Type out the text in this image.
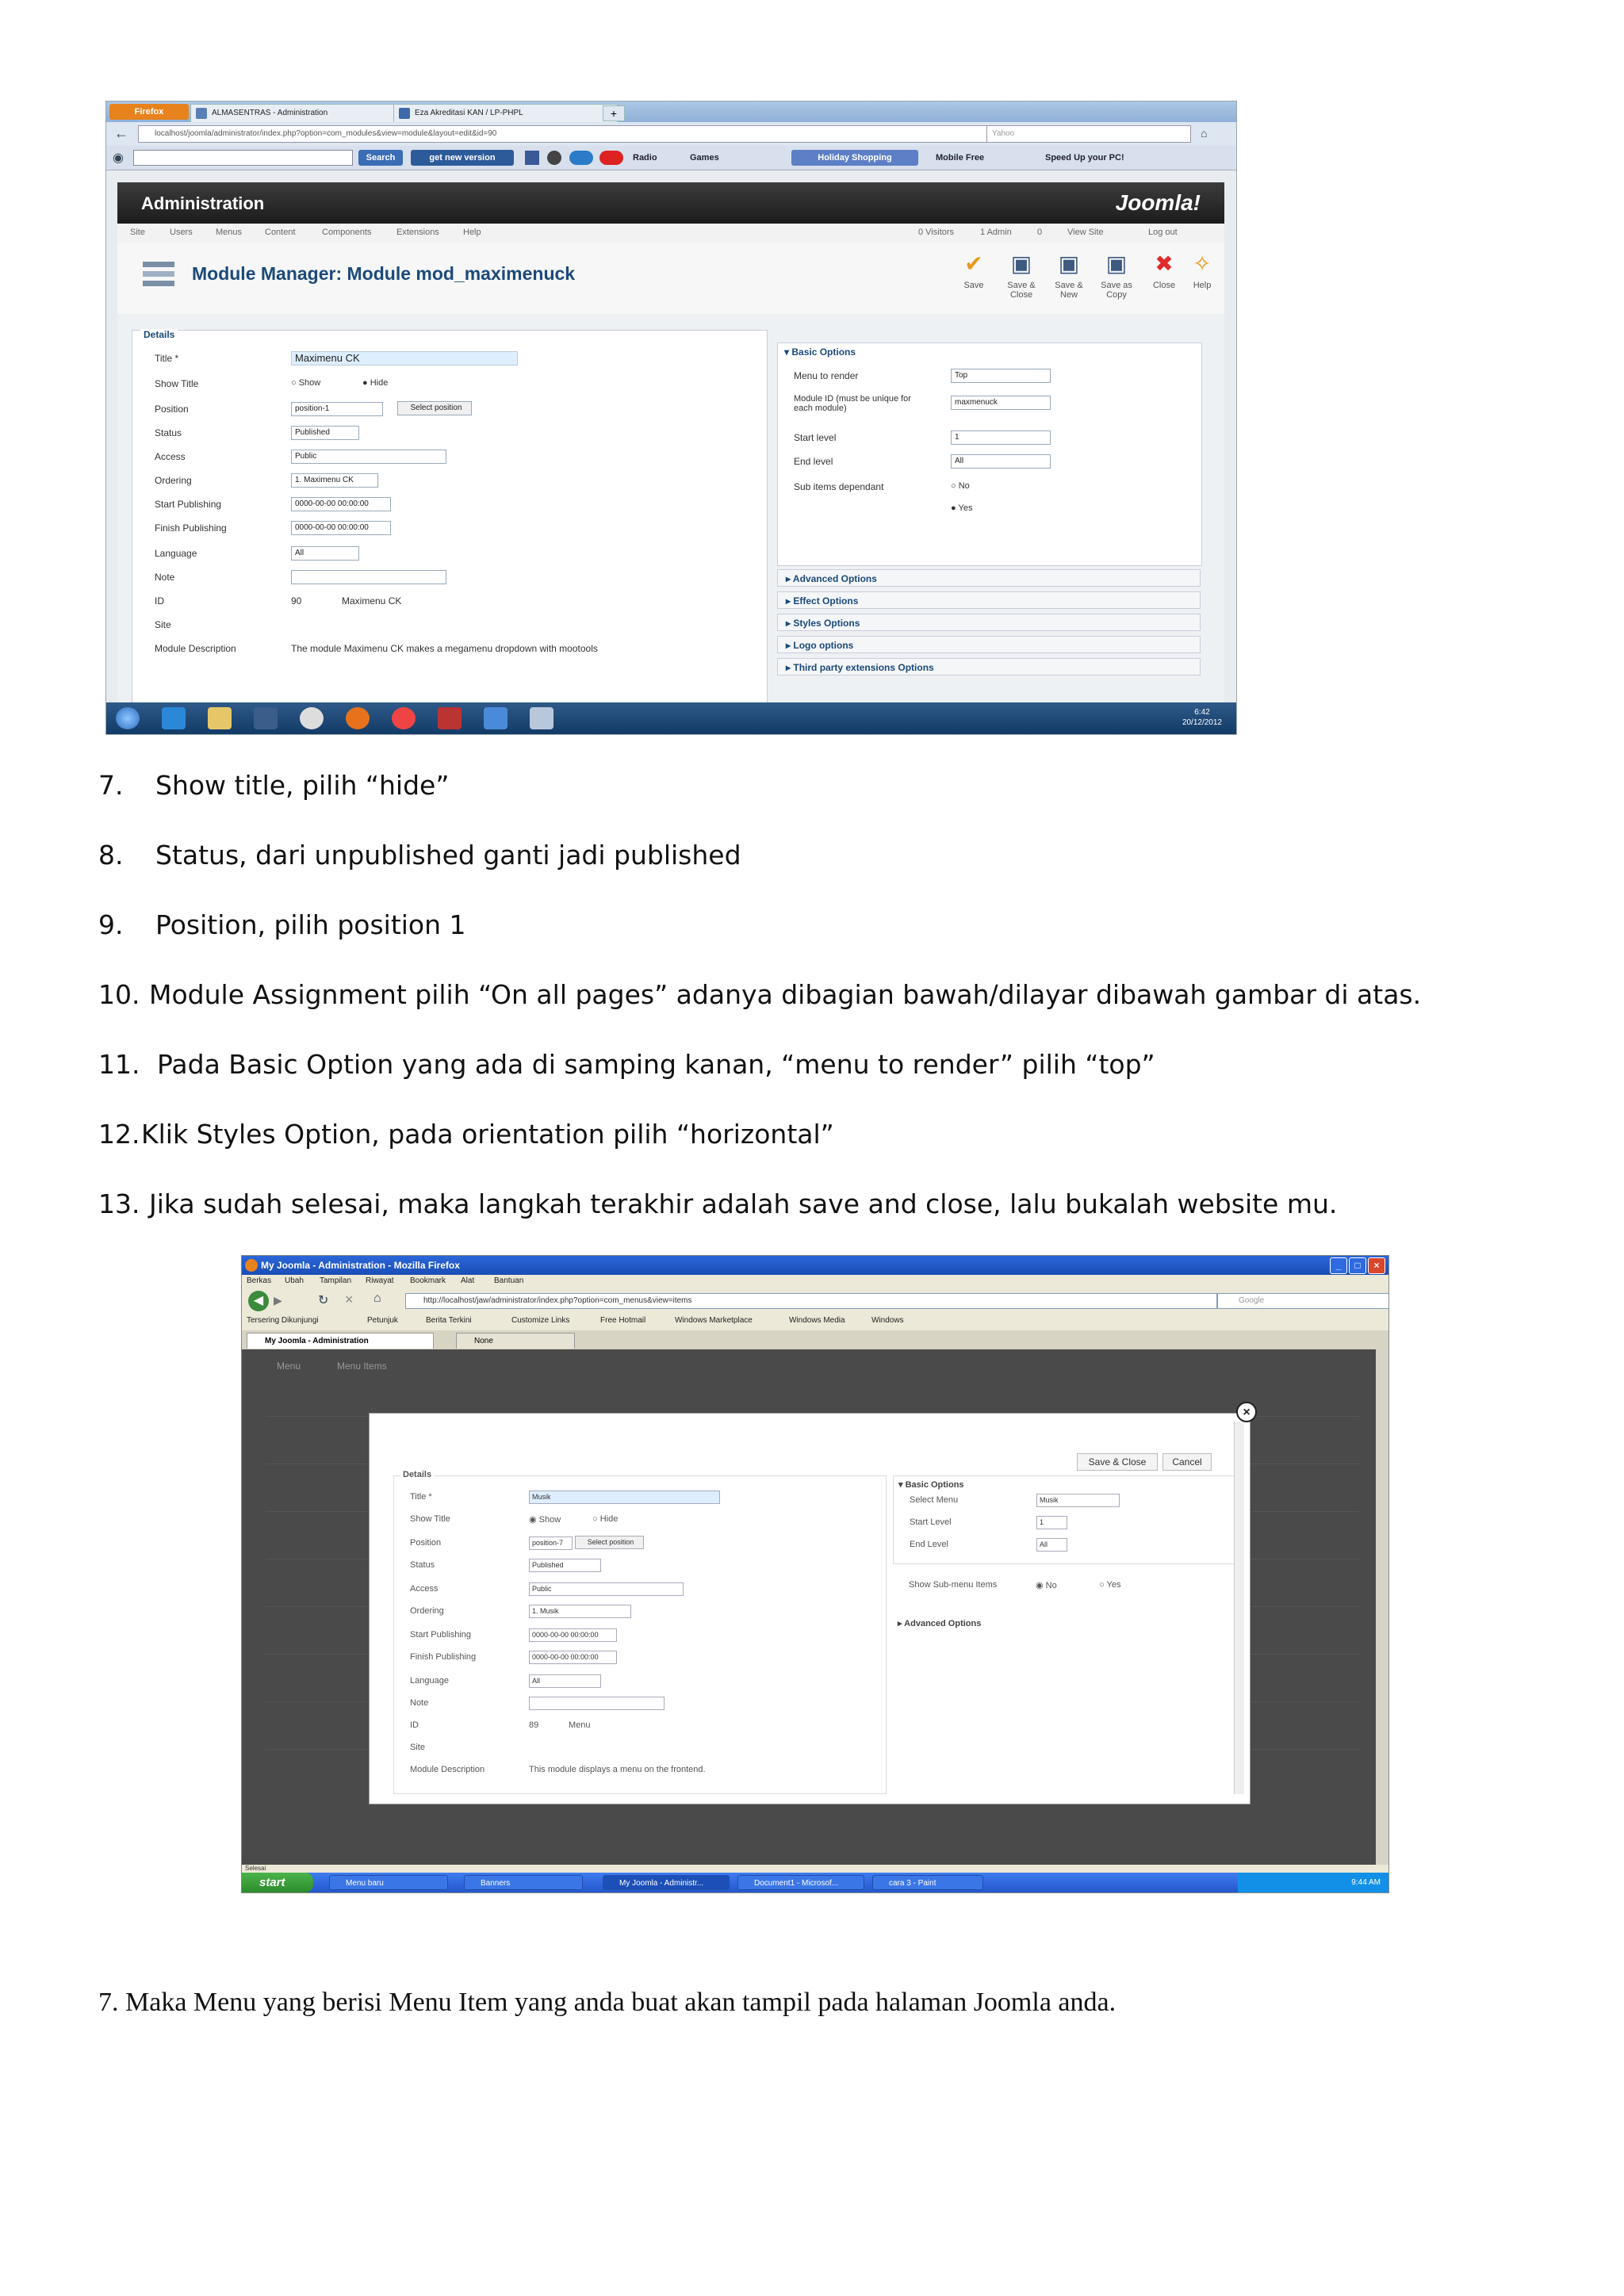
Firefox	ALMASENTRAS - Administration	Eza Akreditasi KAN / LP-PHPL	+
←	localhost/joomla/administrator/index.php?option=com_modules&view=module&layout=edit&id=90	Yahoo	⌂
◉	Search	get new version	Radio	Games	Holiday Shopping	Mobile Free	Speed Up your PC!
Administration	Joomla!
Site	Users	Menus	Content	Components	Extensions	Help	0 Visitors	1 Admin	0	View Site	Log out
Module Manager: Module mod_maximenuck	✔
Save
▣
Save & Close
▣
Save & New
▣
Save as Copy
✖
Close
✧
Help
Details
Title *	Maximenu CK
Show Title	○ Show	● Hide
Position	position-1	Select position
Status	Published
Access	Public
Ordering	1. Maximenu CK
Start Publishing	0000-00-00 00:00:00
Finish Publishing	0000-00-00 00:00:00
Language	All
Note
ID	90	Maximenu CK
Site
Module Description	The module Maximenu CK makes a megamenu dropdown with mootools
▾ Basic Options
Menu to render	Top
Module ID (must be unique for each module)
maxmenuck
Start level	1
End level	All
Sub items dependant	○ No
● Yes
▸ Advanced Options
▸ Effect Options
▸ Styles Options
▸ Logo options
▸ Third party extensions Options
6:42
20/12/2012
7. Show title, pilih “hide”
8. Status, dari unpublished ganti jadi published
9. Position, pilih position 1
10. Module Assignment pilih “On all pages” adanya dibagian bawah/dilayar dibawah gambar di atas.
11. Pada Basic Option yang ada di samping kanan, “menu to render” pilih “top”
12.Klik Styles Option, pada orientation pilih “horizontal”
13. Jika sudah selesai, maka langkah terakhir adalah save and close, lalu bukalah website mu.
My Joomla - Administration - Mozilla Firefox	_	□	×
Berkas Ubah Tampilan Riwayat Bookmark Alat Bantuan
◀ ▶	↻ × ⌂	http://localhost/jaw/administrator/index.php?option=com_menus&view=items	Google
Tersering Dikunjungi	Petunjuk	Berita Terkini	Customize Links	Free Hotmail	Windows Marketplace	Windows Media	Windows
My Joomla - Administration	None
Menu	Menu Items
Save & Close	Cancel
Details
Title *	Musik
Show Title	◉ Show	○ Hide
Position	position-7	Select position
Status	Published
Access	Public
Ordering	1. Musik
Start Publishing	0000-00-00 00:00:00
Finish Publishing	0000-00-00 00:00:00
Language	All
Note
ID	89	Menu
Site
Module Description	This module displays a menu on the frontend.
▾ Basic Options
Select Menu	Musik
Start Level	1
End Level	All
Show Sub-menu Items	◉ No	○ Yes
▸ Advanced Options
×
Selesai
start	Menu baru	Banners	My Joomla - Administr...	Document1 - Microsof...	cara 3 - Paint	9:44 AM
7. Maka Menu yang berisi Menu Item yang anda buat akan tampil pada halaman Joomla anda.
